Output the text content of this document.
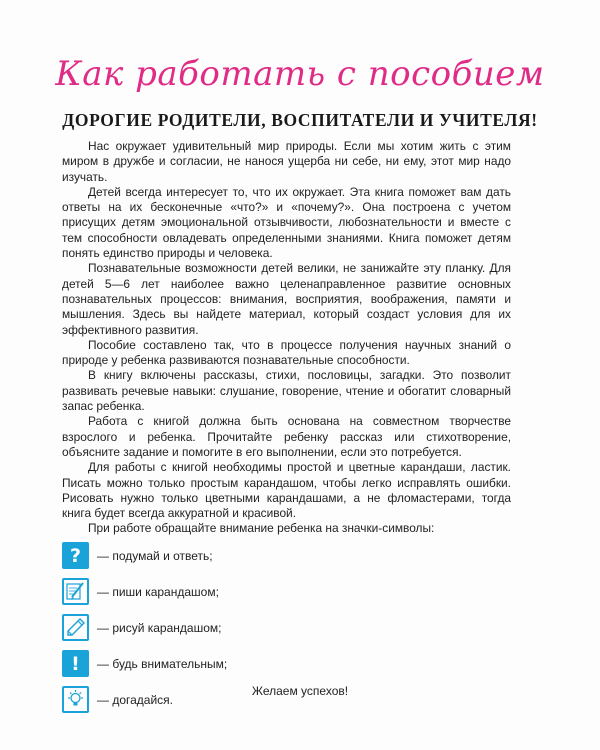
Как работать с пособием
ДОРОГИЕ РОДИТЕЛИ, ВОСПИТАТЕЛИ И УЧИТЕЛЯ!

Нас окружает удивительный мир природы. Если мы хотим жить с этим миром в дружбе и согласии, не нанося ущерба ни себе, ни ему, этот мир надо изучать.

Детей всегда интересует то, что их окружает. Эта книга поможет вам дать ответы на их бесконечные «что?» и «почему?». Она построена с учетом присущих детям эмоциональной отзывчивости, любознательности и вместе с тем способности овладевать определенными знаниями. Книга поможет детям понять единство природы и человека.

Познавательные возможности детей велики, не занижайте эту планку. Для детей 5—6 лет наиболее важно целенаправленное развитие основных познавательных процессов: внимания, восприятия, воображения, памяти и мышления. Здесь вы найдете материал, который создаст условия для их эффективного развития.

Пособие составлено так, что в процессе получения научных знаний о природе у ребенка развиваются познавательные способности.

В книгу включены рассказы, стихи, пословицы, загадки. Это позволит развивать речевые навыки: слушание, говорение, чтение и обогатит словарный запас ребенка.

Работа с книгой должна быть основана на совместном творчестве взрослого и ребенка. Прочитайте ребенку рассказ или стихотворение, объясните задание и помогите в его выполнении, если это потребуется.

Для работы с книгой необходимы простой и цветные карандаши, ластик. Писать можно только простым карандашом, чтобы легко исправлять ошибки. Рисовать нужно только цветными карандашами, а не фломастерами, тогда книга будет всегда аккуратной и красивой.

При работе обращайте внимание ребенка на значки-символы:

?	— подумай и ответь;
— пиши карандашом;
— рисуй карандашом;
!	— будь внимательным;
— догадайся.
Желаем успехов!
